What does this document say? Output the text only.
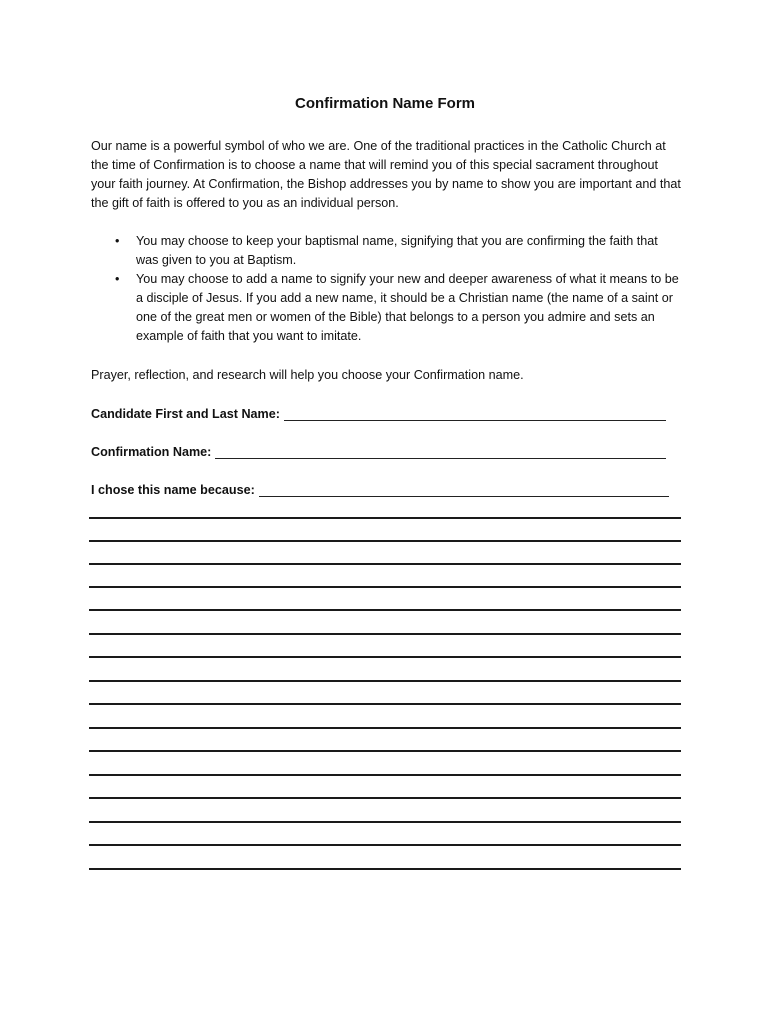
Confirmation Name Form

Our name is a powerful symbol of who we are. One of the traditional practices in the Catholic Church at the time of Confirmation is to choose a name that will remind you of this special sacrament throughout your faith journey. At Confirmation, the Bishop addresses you by name to show you are important and that the gift of faith is offered to you as an individual person.

• You may choose to keep your baptismal name, signifying that you are confirming the faith that was given to you at Baptism.
• You may choose to add a name to signify your new and deeper awareness of what it means to be a disciple of Jesus. If you add a new name, it should be a Christian name (the name of a saint or one of the great men or women of the Bible) that belongs to a person you admire and sets an example of faith that you want to imitate.
Prayer, reflection, and research will help you choose your Confirmation name.
Candidate First and Last Name:
Confirmation Name:
I chose this name because:
